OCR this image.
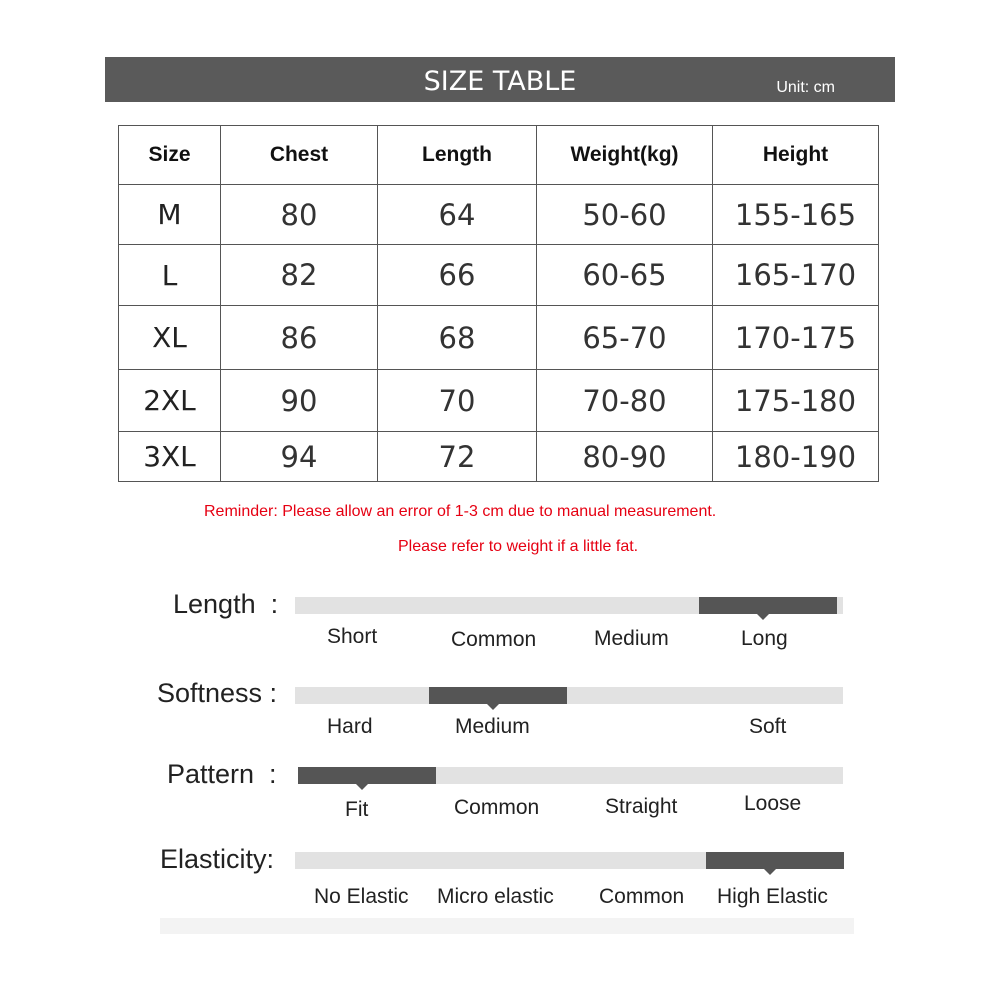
SIZE TABLE	Unit: cm
Size	Chest	Length	Weight(kg)	Height
M	80	64	50-60	155-165
L	82	66	60-65	165-170
XL	86	68	65-70	170-175
2XL	90	70	70-80	175-180
3XL	94	72	80-90	180-190
Reminder: Please allow an error of 1-3 cm due to manual measurement.
Please refer to weight if a little fat.
Length  :
Short	Common	Medium	Long
Softness :
Hard	Medium	Soft
Pattern  :
Fit	Common	Straight	Loose
Elasticity:
No Elastic Micro elastic Common High Elastic
